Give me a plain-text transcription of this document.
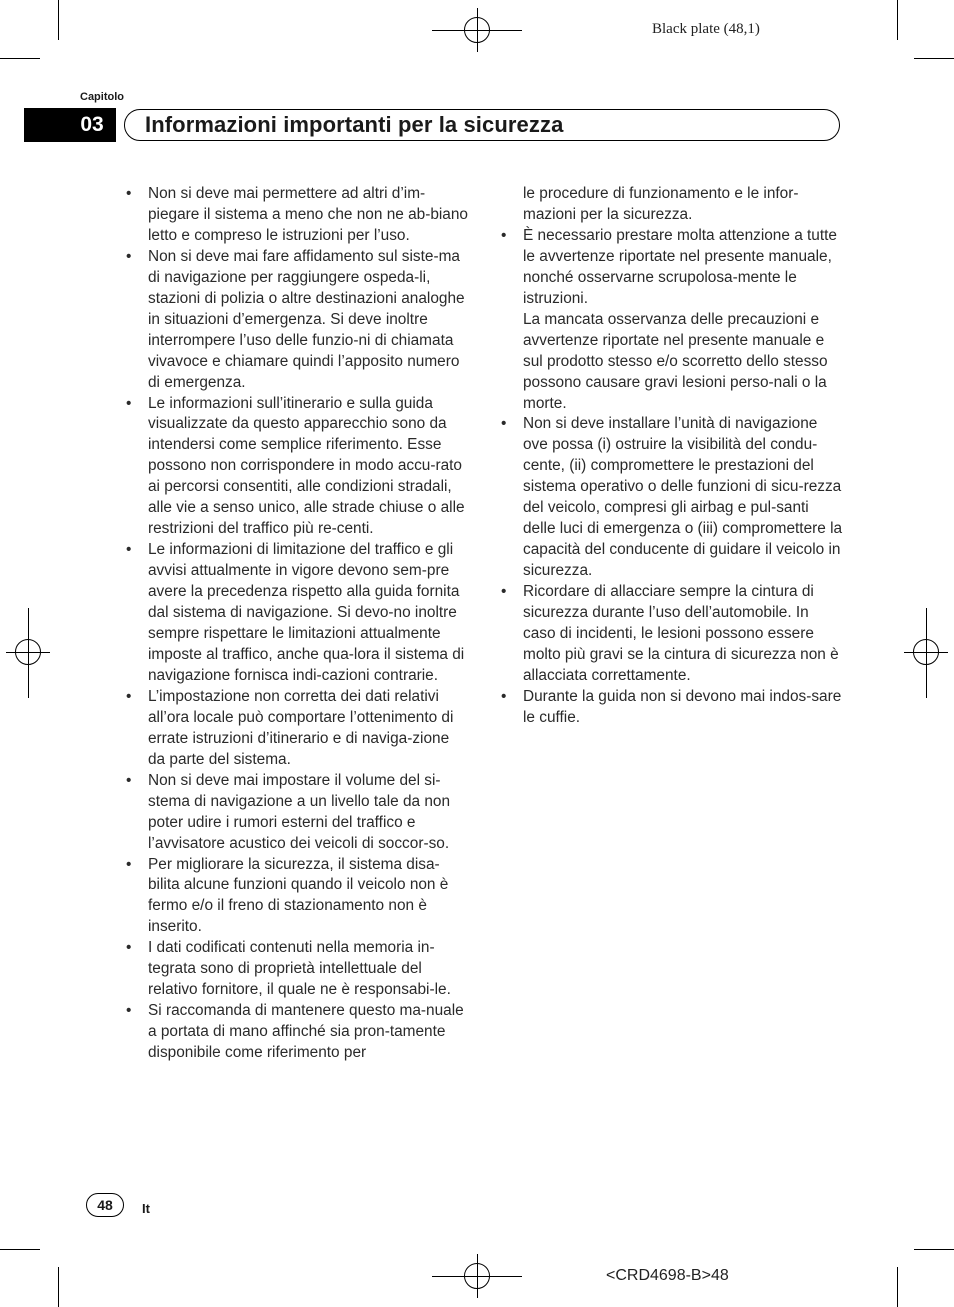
Black plate (48,1)
Capitolo
03	Informazioni importanti per la sicurezza
• Non si deve mai permettere ad altri d’im-piegare il sistema a meno che non ne ab-biano letto e compreso le istruzioni per l’uso.
• Non si deve mai fare affidamento sul siste-ma di navigazione per raggiungere ospeda-li, stazioni di polizia o altre destinazioni analoghe in situazioni d’emergenza. Si deve inoltre interrompere l’uso delle funzio-ni di chiamata vivavoce e chiamare quindi l’apposito numero di emergenza.
• Le informazioni sull’itinerario e sulla guida visualizzate da questo apparecchio sono da intendersi come semplice riferimento. Esse possono non corrispondere in modo accu-rato ai percorsi consentiti, alle condizioni stradali, alle vie a senso unico, alle strade chiuse o alle restrizioni del traffico più re-centi.
• Le informazioni di limitazione del traffico e gli avvisi attualmente in vigore devono sem-pre avere la precedenza rispetto alla guida fornita dal sistema di navigazione. Si devo-no inoltre sempre rispettare le limitazioni attualmente imposte al traffico, anche qua-lora il sistema di navigazione fornisca indi-cazioni contrarie.
• L’impostazione non corretta dei dati relativi all’ora locale può comportare l’ottenimento di errate istruzioni d’itinerario e di naviga-zione da parte del sistema.
• Non si deve mai impostare il volume del si-stema di navigazione a un livello tale da non poter udire i rumori esterni del traffico e l’avvisatore acustico dei veicoli di soccor-so.
• Per migliorare la sicurezza, il sistema disa-bilita alcune funzioni quando il veicolo non è fermo e/o il freno di stazionamento non è inserito.
• I dati codificati contenuti nella memoria in-tegrata sono di proprietà intellettuale del relativo fornitore, il quale ne è responsabi-le.
• Si raccomanda di mantenere questo ma-nuale a portata di mano affinché sia pron-tamente disponibile come riferimento per

le procedure di funzionamento e le infor-mazioni per la sicurezza.

• È necessario prestare molta attenzione a tutte le avvertenze riportate nel presente manuale, nonché osservarne scrupolosa-mente le istruzioni.
La mancata osservanza delle precauzioni e avvertenze riportate nel presente manuale e sul prodotto stesso e/o scorretto dello stesso possono causare gravi lesioni perso-nali o la morte.
• Non si deve installare l’unità di navigazione ove possa (i) ostruire la visibilità del condu-cente, (ii) compromettere le prestazioni del sistema operativo o delle funzioni di sicu-rezza del veicolo, compresi gli airbag e pul-santi delle luci di emergenza o (iii) compromettere la capacità del conducente di guidare il veicolo in sicurezza.
• Ricordare di allacciare sempre la cintura di sicurezza durante l’uso dell’automobile. In caso di incidenti, le lesioni possono essere molto più gravi se la cintura di sicurezza non è allacciata correttamente.
• Durante la guida non si devono mai indos-sare le cuffie.
48	It
<CRD4698-B>48
